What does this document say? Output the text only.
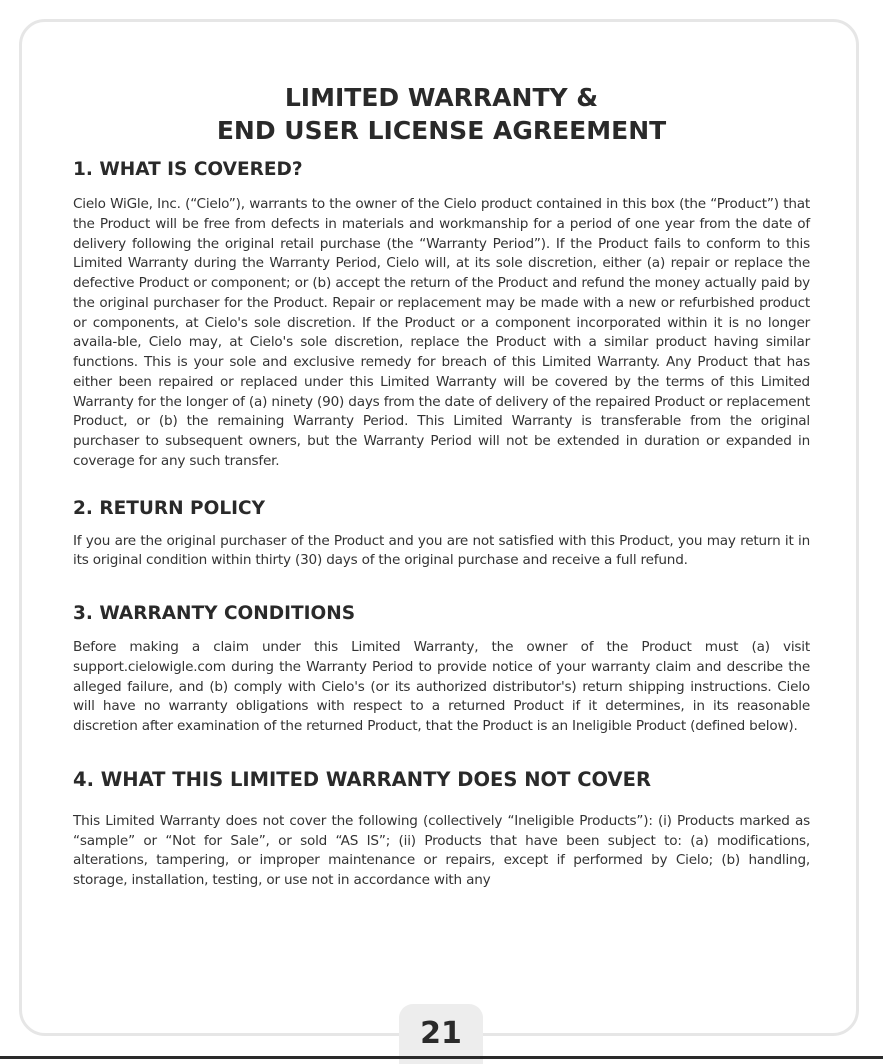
LIMITED WARRANTY &
END USER LICENSE AGREEMENT
1. WHAT IS COVERED?

Cielo WiGle, Inc. (“Cielo”), warrants to the owner of the Cielo product contained in this box (the “Product”) that the Product will be free from defects in materials and workmanship for a period of one year from the date of delivery following the original retail purchase (the “Warranty Period”). If the Product fails to conform to this Limited Warranty during the Warranty Period, Cielo will, at its sole discretion, either (a) repair or replace the defective Product or component; or (b) accept the return of the Product and refund the money actually paid by the original purchaser for the Product. Repair or replacement may be made with a new or refurbished product or components, at Cielo's sole discretion. If the Product or a component incorporated within it is no longer availa-ble, Cielo may, at Cielo's sole discretion, replace the Product with a similar product having similar functions. This is your sole and exclusive remedy for breach of this Limited Warranty. Any Product that has either been repaired or replaced under this Limited Warranty will be covered by the terms of this Limited Warranty for the longer of (a) ninety (90) days from the date of delivery of the repaired Product or replacement Product, or (b) the remaining Warranty Period. This Limited Warranty is transferable from the original purchaser to subsequent owners, but the Warranty Period will not be extended in duration or expanded in coverage for any such transfer.

2. RETURN POLICY

If you are the original purchaser of the Product and you are not satisfied with this Product, you may return it in its original condition within thirty (30) days of the original purchase and receive a full refund.

3. WARRANTY CONDITIONS

Before making a claim under this Limited Warranty, the owner of the Product must (a) visit support.cielowigle.com during the Warranty Period to provide notice of your warranty claim and describe the alleged failure, and (b) comply with Cielo's (or its authorized distributor's) return shipping instructions. Cielo will have no warranty obligations with respect to a returned Product if it determines, in its reasonable discretion after examination of the returned Product, that the Product is an Ineligible Product (defined below).

4. WHAT THIS LIMITED WARRANTY DOES NOT COVER

This Limited Warranty does not cover the following (collectively “Ineligible Products”): (i) Products marked as “sample” or “Not for Sale”, or sold “AS IS”; (ii) Products that have been subject to: (a) modifications, alterations, tampering, or improper maintenance or repairs, except if performed by Cielo; (b) handling, storage, installation, testing, or use not in accordance with any

21
